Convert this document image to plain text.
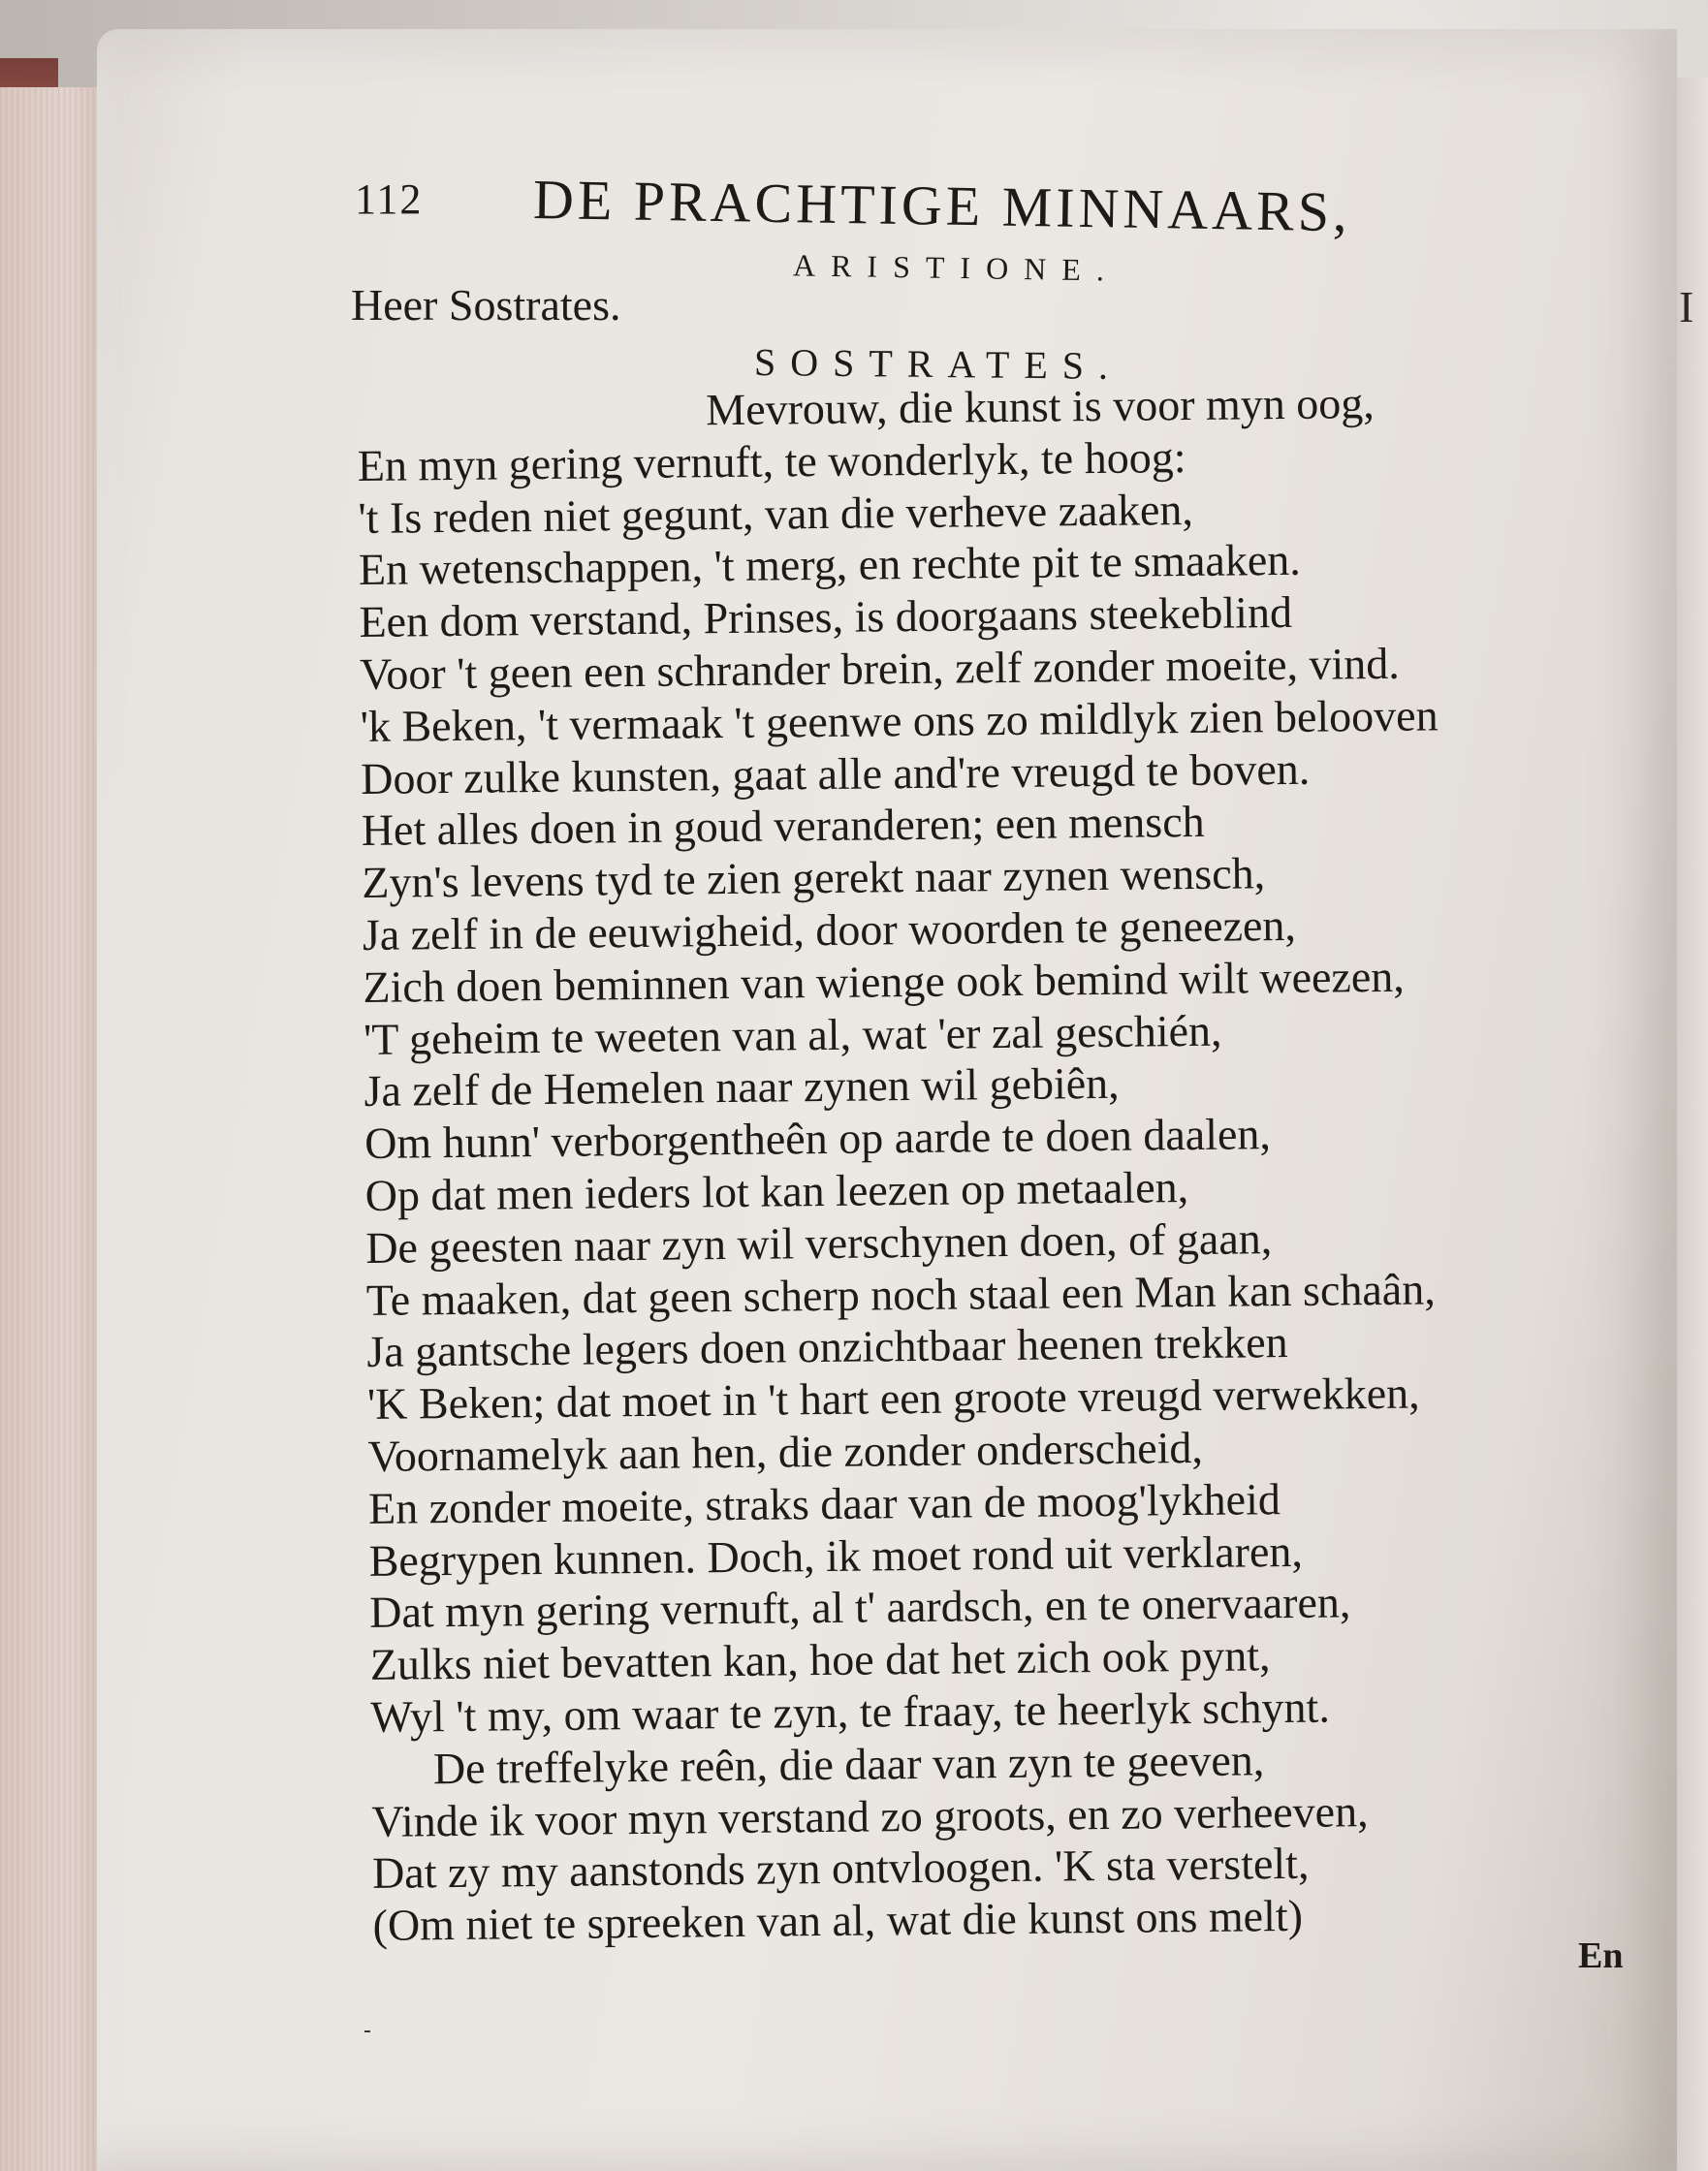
I
112 DE PRACHTIGE MINNAARS,
ARISTIONE.
Heer Sostrates.
SOSTRATES.
Mevrouw, die kunst is voor myn oog,
En myn gering vernuft, te wonderlyk, te hoog:
't Is reden niet gegunt, van die verheve zaaken,
En wetenschappen, 't merg, en rechte pit te smaaken.
Een dom verstand, Prinses, is doorgaans steekeblind
Voor 't geen een schrander brein, zelf zonder moeite, vind.
'k Beken, 't vermaak 't geenwe ons zo mildlyk zien belooven
Door zulke kunsten, gaat alle and're vreugd te boven.
Het alles doen in goud veranderen; een mensch
Zyn's levens tyd te zien gerekt naar zynen wensch,
Ja zelf in de eeuwigheid, door woorden te geneezen,
Zich doen beminnen van wienge ook bemind wilt weezen,
'T geheim te weeten van al, wat 'er zal geschién,
Ja zelf de Hemelen naar zynen wil gebiên,
Om hunn' verborgentheên op aarde te doen daalen,
Op dat men ieders lot kan leezen op metaalen,
De geesten naar zyn wil verschynen doen, of gaan,
Te maaken, dat geen scherp noch staal een Man kan schaân,
Ja gantsche legers doen onzichtbaar heenen trekken
'K Beken; dat moet in 't hart een groote vreugd verwekken,
Voornamelyk aan hen, die zonder onderscheid,
En zonder moeite, straks daar van de moog'lykheid
Begrypen kunnen. Doch, ik moet rond uit verklaren,
Dat myn gering vernuft, al t' aardsch, en te onervaaren,
Zulks niet bevatten kan, hoe dat het zich ook pynt,
Wyl 't my, om waar te zyn, te fraay, te heerlyk schynt.
De treffelyke reên, die daar van zyn te geeven,
Vinde ik voor myn verstand zo groots, en zo verheeven,
Dat zy my aanstonds zyn ontvloogen. 'K sta verstelt,
(Om niet te spreeken van al, wat die kunst ons melt)
En
